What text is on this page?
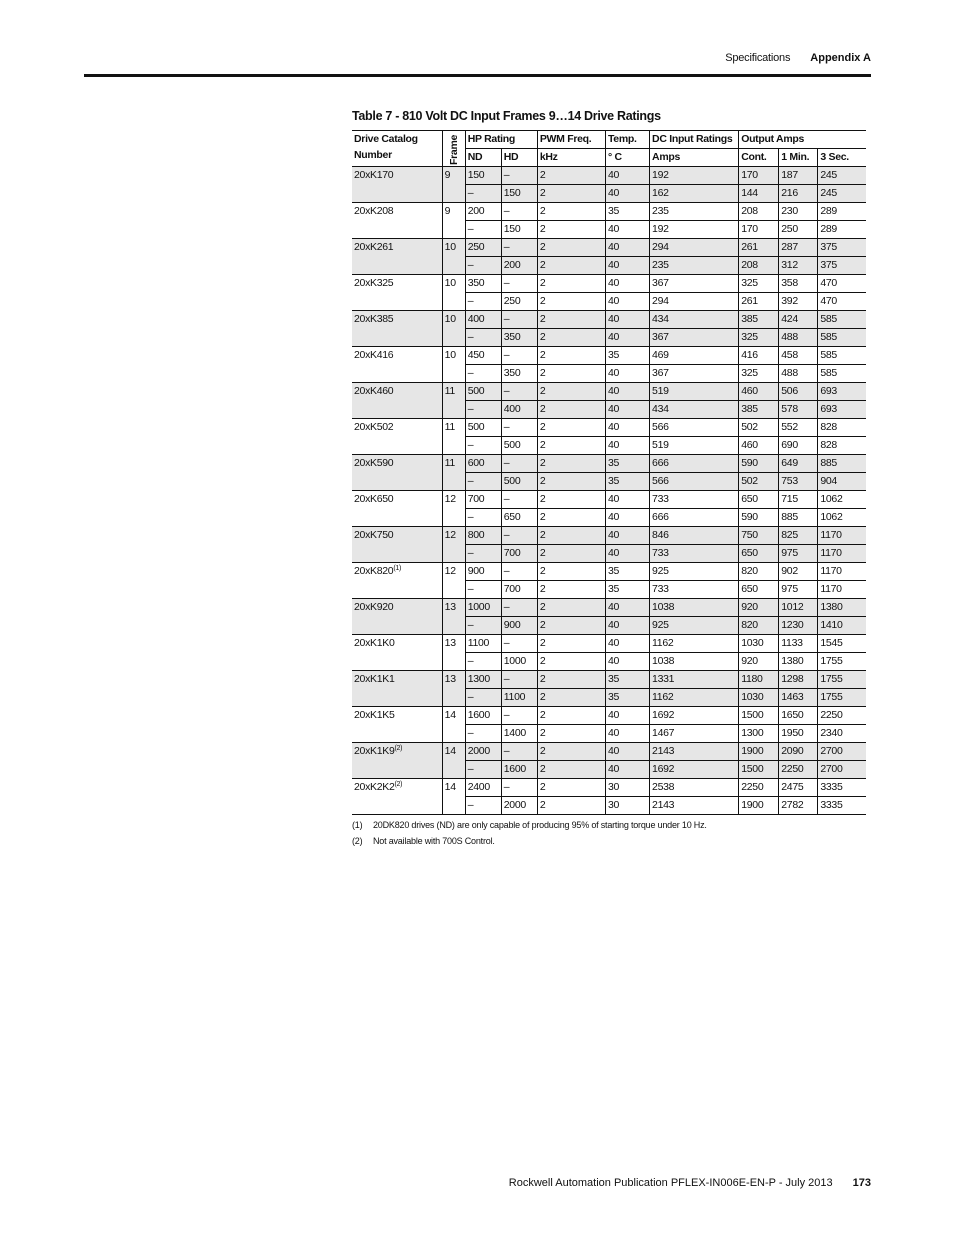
Specifications Appendix A
Table 7 - 810 Volt DC Input Frames 9…14 Drive Ratings
Drive Catalog Number	Frame	HP Rating		PWM Freq.	Temp.	DC Input Ratings	Output Amps		
		ND	HD	kHz	° C	Amps	Cont.	1 Min.	3 Sec.
20xK170	9	150	–	2	40	192	170	187	245
		–	150	2	40	162	144	216	245
20xK208	9	200	–	2	35	235	208	230	289
		–	150	2	40	192	170	250	289
20xK261	10	250	–	2	40	294	261	287	375
		–	200	2	40	235	208	312	375
20xK325	10	350	–	2	40	367	325	358	470
		–	250	2	40	294	261	392	470
20xK385	10	400	–	2	40	434	385	424	585
		–	350	2	40	367	325	488	585
20xK416	10	450	–	2	35	469	416	458	585
		–	350	2	40	367	325	488	585
20xK460	11	500	–	2	40	519	460	506	693
		–	400	2	40	434	385	578	693
20xK502	11	500	–	2	40	566	502	552	828
		–	500	2	40	519	460	690	828
20xK590	11	600	–	2	35	666	590	649	885
		–	500	2	35	566	502	753	904
20xK650	12	700	–	2	40	733	650	715	1062
		–	650	2	40	666	590	885	1062
20xK750	12	800	–	2	40	846	750	825	1170
		–	700	2	40	733	650	975	1170
20xK820$^{(1)}$	12	900	–	2	35	925	820	902	1170
		–	700	2	35	733	650	975	1170
20xK920	13	1000	–	2	40	1038	920	1012	1380
		–	900	2	40	925	820	1230	1410
20xK1K0	13	1100	–	2	40	1162	1030	1133	1545
		–	1000	2	40	1038	920	1380	1755
20xK1K1	13	1300	–	2	35	1331	1180	1298	1755
		–	1100	2	35	1162	1030	1463	1755
20xK1K5	14	1600	–	2	40	1692	1500	1650	2250
		–	1400	2	40	1467	1300	1950	2340
20xK1K9$^{(2)}$	14	2000	–	2	40	2143	1900	2090	2700
		–	1600	2	40	1692	1500	2250	2700
20xK2K2$^{(2)}$	14	2400	–	2	30	2538	2250	2475	3335
		–	2000	2	30	2143	1900	2782	3335
(1)	20DK820 drives (ND) are only capable of producing 95% of starting torque under 10 Hz.
(2)	Not available with 700S Control.
Rockwell Automation Publication PFLEX-IN006E-EN-P - July 2013 173
